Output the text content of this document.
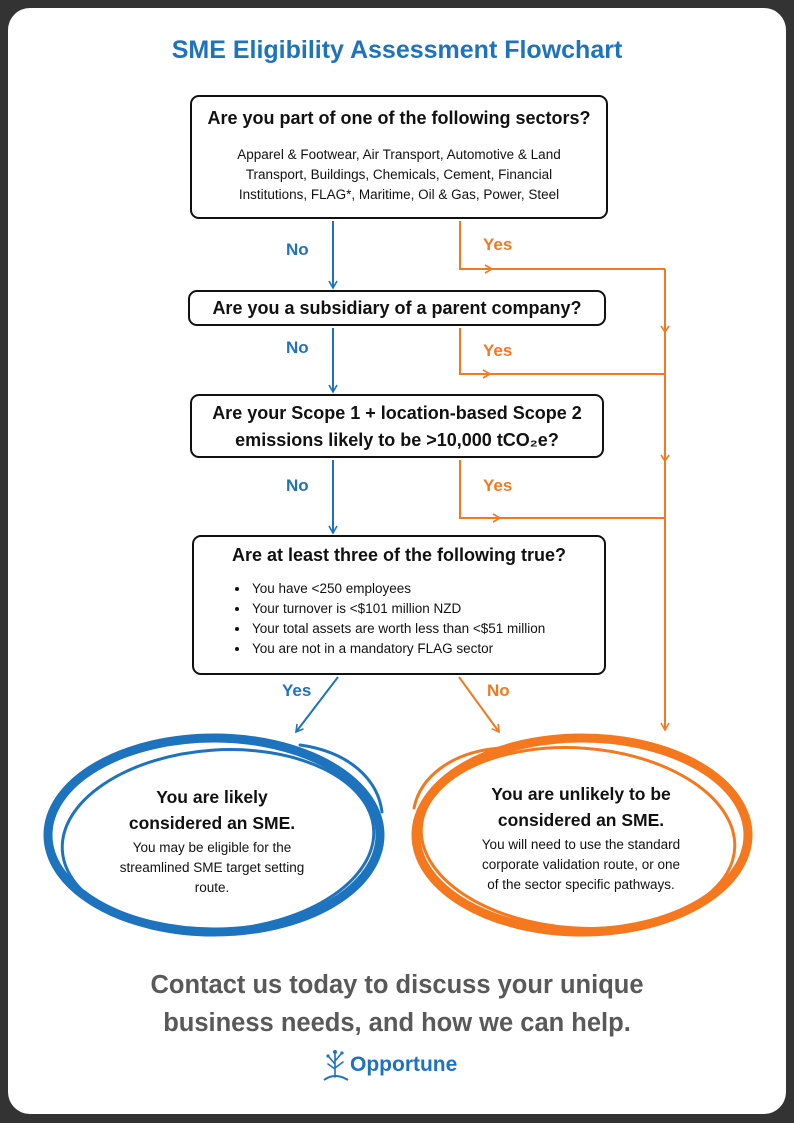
SME Eligibility Assessment Flowchart
Are you part of one of the following sectors?
Apparel & Footwear, Air Transport, Automotive & Land Transport, Buildings, Chemicals, Cement, Financial Institutions, FLAG*, Maritime, Oil & Gas, Power, Steel
Are you a subsidiary of a parent company?
Are your Scope 1 + location-based Scope 2
emissions likely to be >10,000 tCO₂e?
Are at least three of the following true?
• You have <250 employees
• Your turnover is <$101 million NZD
• Your total assets are worth less than <$51 million
• You are not in a mandatory FLAG sector
No	Yes
No	Yes
No	Yes
Yes	No
You are likely
considered an SME.
You may be eligible for the streamlined SME target setting route.
You are unlikely to be
considered an SME.
You will need to use the standard corporate validation route, or one of the sector specific pathways.
Contact us today to discuss your unique
business needs, and how we can help.
Opportune
